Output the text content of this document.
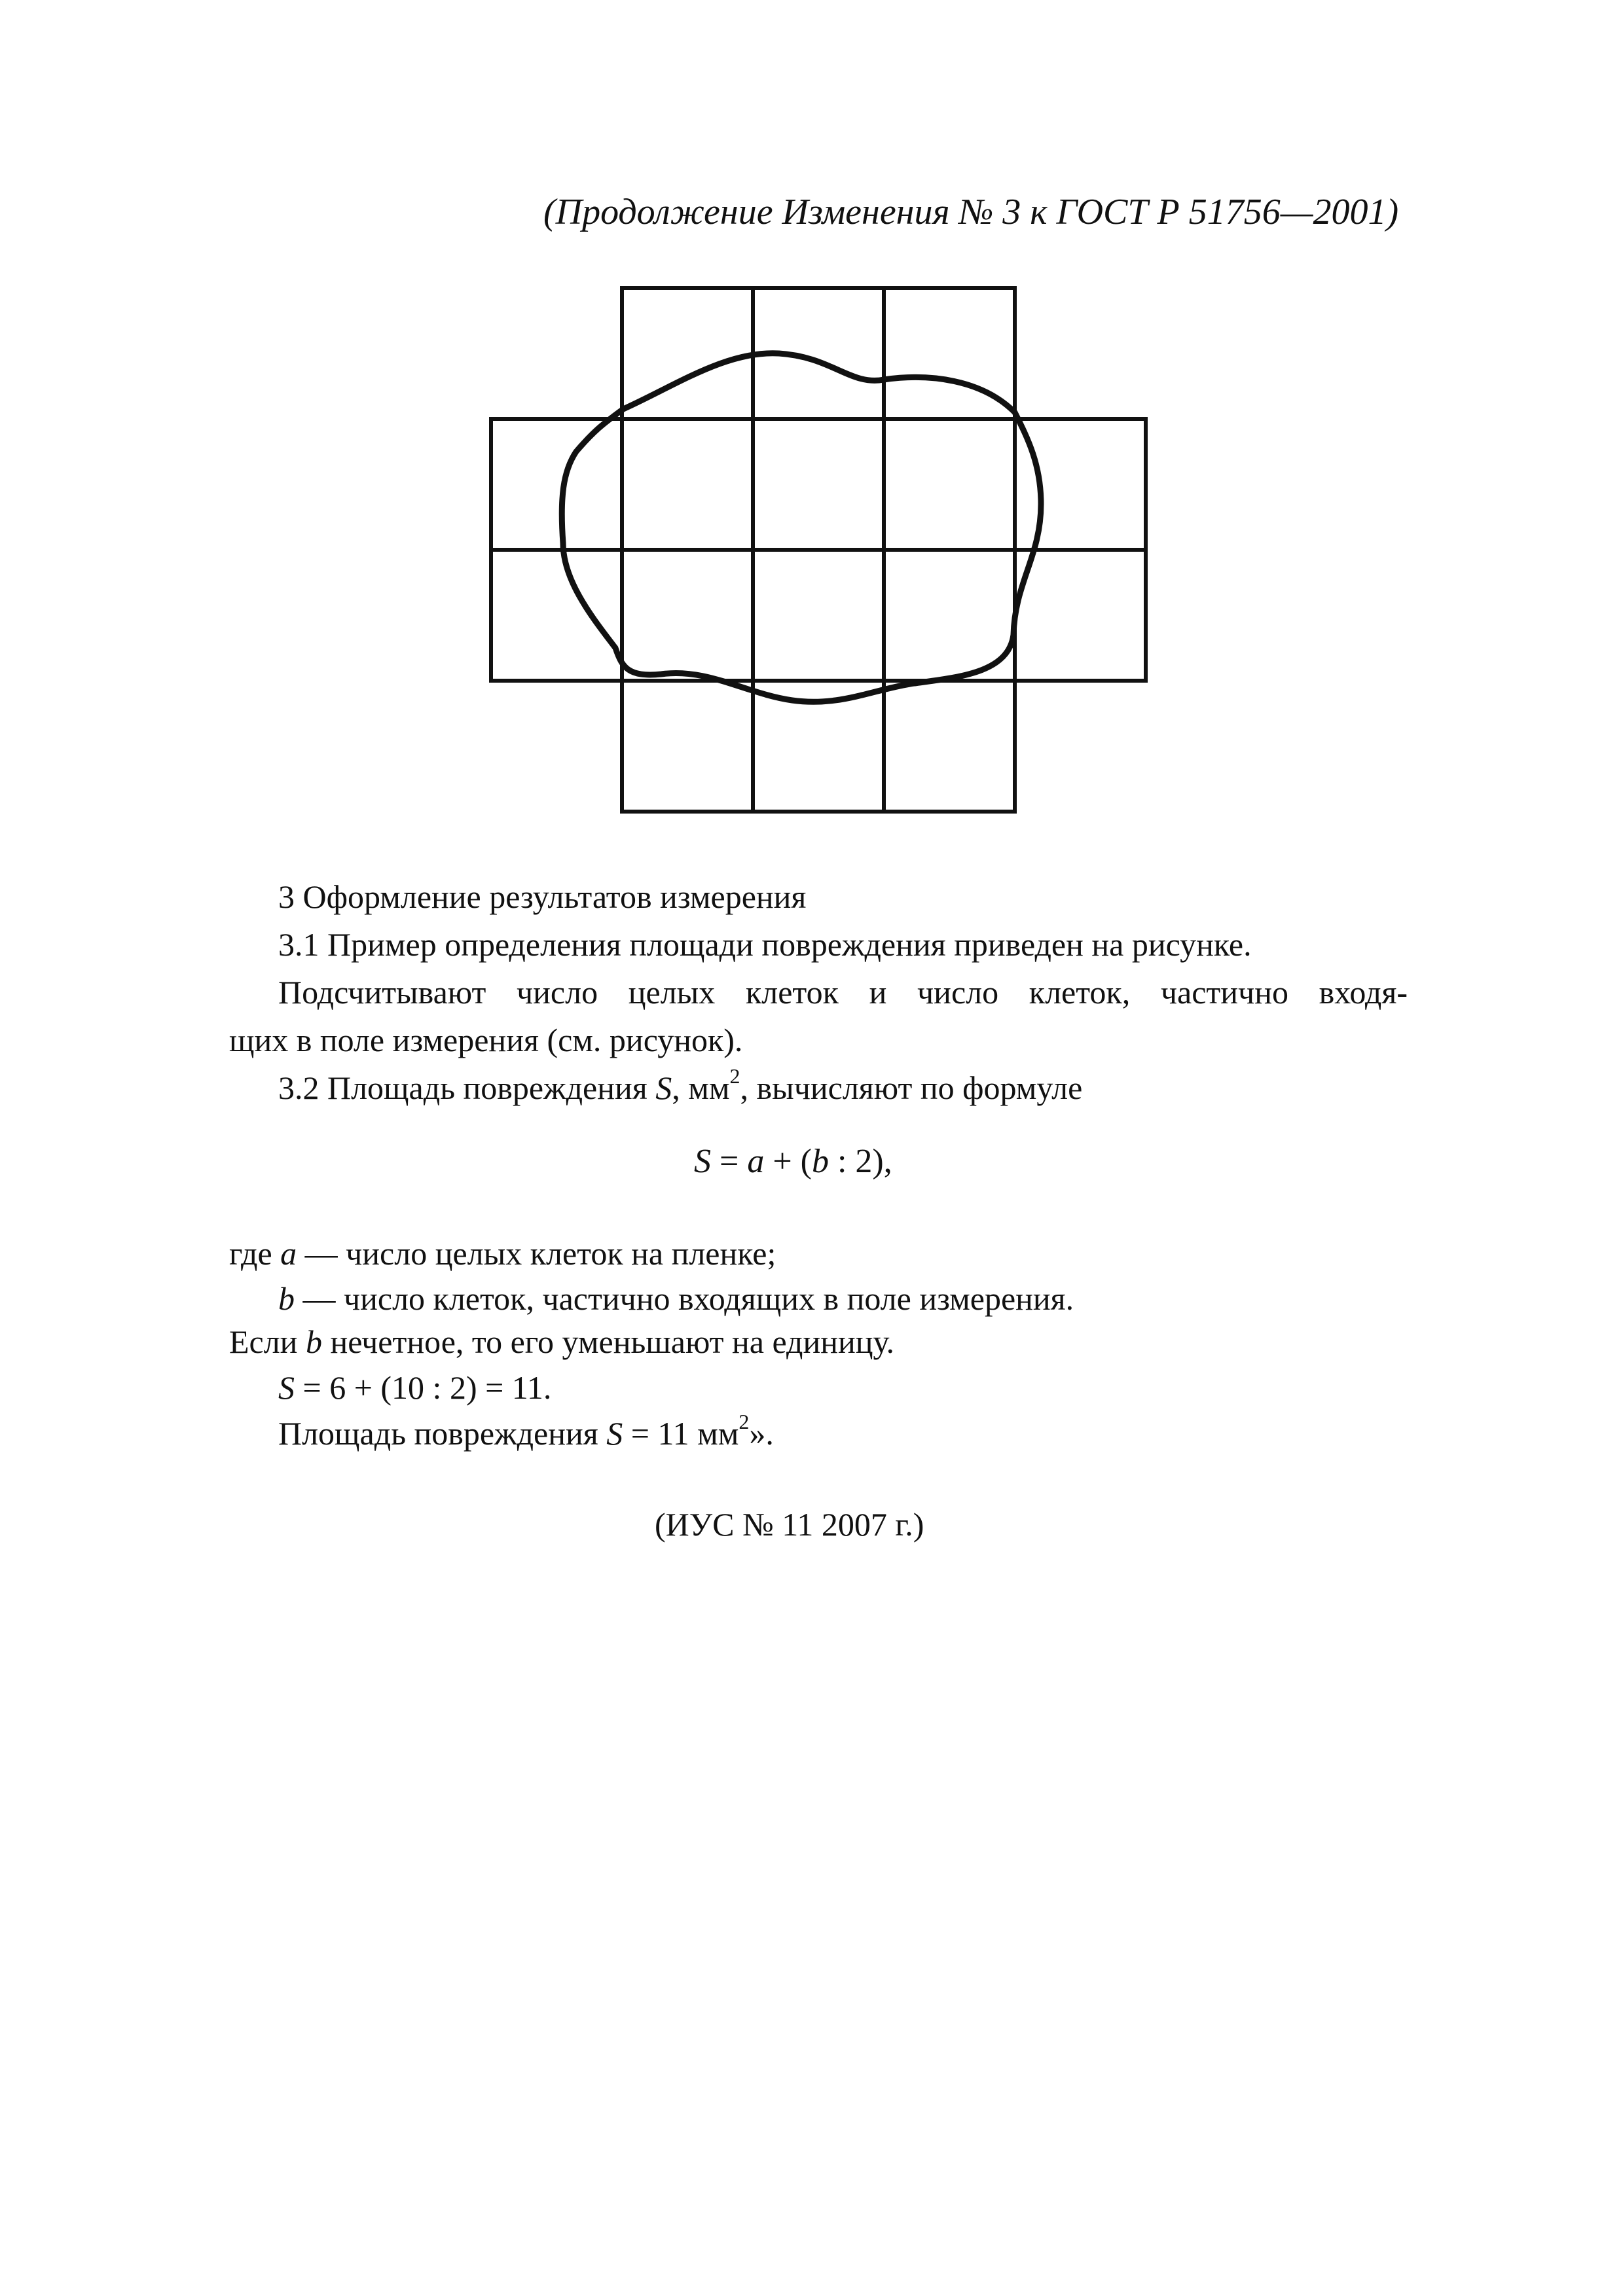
(Продолжение Изменения № 3 к ГОСТ Р 51756—2001)
3 Оформление результатов измерения
3.1 Пример определения площади повреждения приведен на рисунке.
Подсчитывают число целых клеток и число клеток, частично входя-
щих в поле измерения (см. рисунок).
3.2 Площадь повреждения S, $мм^2$, вычисляют по формуле
S = a + (b : 2),
где a — число целых клеток на пленке;
b — число клеток, частично входящих в поле измерения.
Если b нечетное, то его уменьшают на единицу.
S = 6 + (10 : 2) = 11.
Площадь повреждения S = 11 $мм^2$».
(ИУС № 11 2007 г.)
